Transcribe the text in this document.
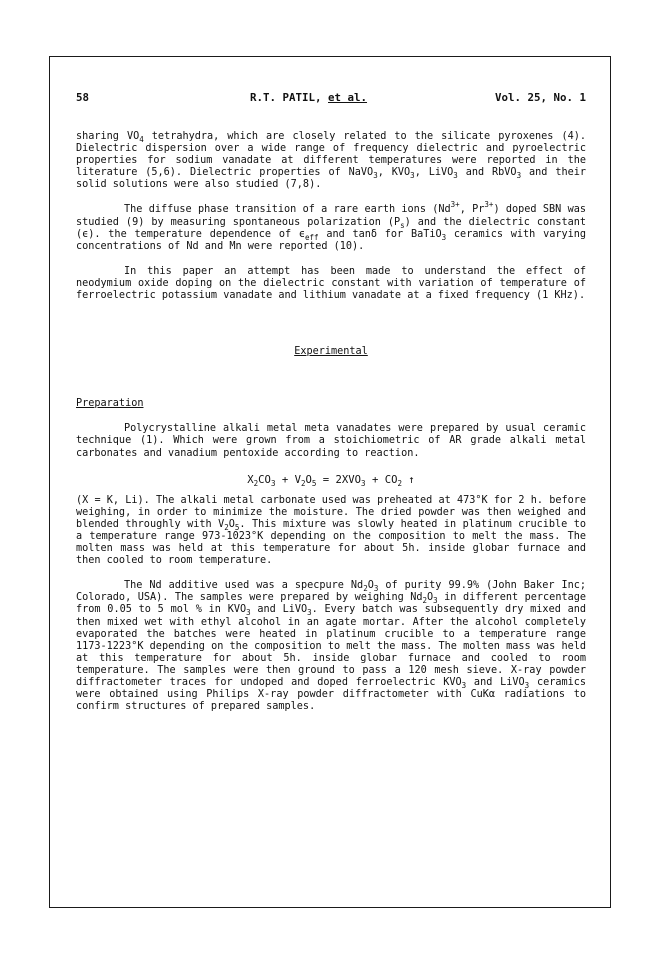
58	R.T. PATIL, et al.	Vol. 25, No. 1

sharing $VO_4$ tetrahydra, which are closely related to the silicate pyroxenes (4). Dielectric dispersion over a wide range of frequency dielectric and pyroelectric properties for sodium vanadate at different temperatures were reported in the literature (5,6). Dielectric properties of NaVO$_3$, $KVO_3$, LiVO$_3$ and RbVO$_3$ and their solid solutions were also studied (7,8).

The diffuse phase transition of a rare earth ions ($Nd^{3+}$, $Pr^{3+}$) doped SBN was studied (9) by measuring spontaneous polarization $(P_s)$ and the dielectric constant (ϵ). the temperature dependence of $\epsilon_{eff}$ and tanδ for BaTiO$_3$ ceramics with varying concentrations of Nd and Mn were reported (10).

In this paper an attempt has been made to understand the effect of neodymium oxide doping on the dielectric constant with variation of temperature of ferroelectric potassium vanadate and lithium vanadate at a fixed frequency (1 KHz).

Experimental

Preparation

Polycrystalline alkali metal meta vanadates were prepared by usual ceramic technique (1). Which were grown from a stoichiometric of AR grade alkali metal carbonates and vanadium pentoxide according to reaction.

$X_2CO_3 + V_2O_5 = 2XVO_3 + CO_2$ ↑

(X = K, Li). The alkali metal carbonate used was preheated at 473°K for 2 h. before weighing, in order to minimize the moisture. The dried powder was then weighed and blended throughly with $V_2O_5$. This mixture was slowly heated in platinum crucible to a temperature range 973-1023°K depending on the composition to melt the mass. The molten mass was held at this temperature for about 5h. inside globar furnace and then cooled to room temperature.

The Nd additive used was a specpure $Nd_2O_3$ of purity 99.9% (John Baker Inc; Colorado, USA). The samples were prepared by weighing $Nd_2O_3$ in different percentage from 0.05 to 5 mol % in $KVO_3$ and LiVO$_3$. Every batch was subsequently dry mixed and then mixed wet with ethyl alcohol in an agate mortar. After the alcohol completely evaporated the batches were heated in platinum crucible to a temperature range 1173-1223°K depending on the composition to melt the mass. The molten mass was held at this temperature for about 5h. inside globar furnace and cooled to room temperature. The samples were then ground to pass a 120 mesh sieve. X-ray powder diffractometer traces for undoped and doped ferroelectric $KVO_3$ and LiVO$_3$ ceramics were obtained using Philips X-ray powder diffractometer with CuKα radiations to confirm structures of prepared samples.
